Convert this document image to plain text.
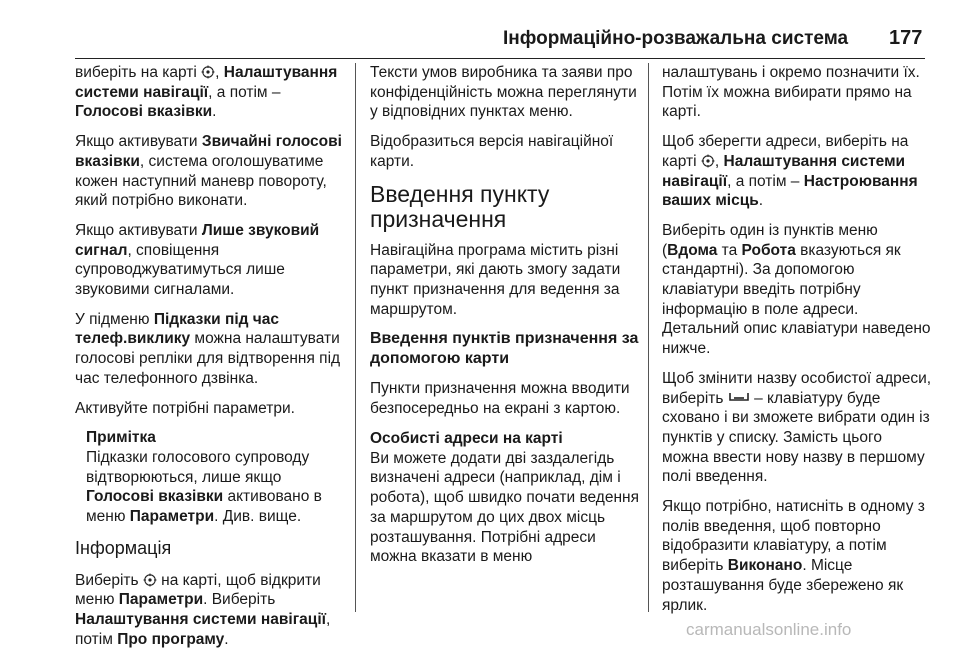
Інформаційно-розважальна система 177

виберіть на карті , Налаштування системи навігації, а потім – Голосові вказівки.

Якщо активувати Звичайні голосові вказівки, система оголошуватиме кожен наступний маневр повороту, який потрібно виконати.

Якщо активувати Лише звуковий сигнал, сповіщення супроводжуватимуться лише звуковими сигналами.

У підменю Підказки під час телеф.виклику можна налаштувати голосові репліки для відтворення під час телефонного дзвінка.

Активуйте потрібні параметри.

Примітка
Підказки голосового супроводу відтворюються, лише якщо Голосові вказівки активовано в меню Параметри. Див. вище.
Інформація

Виберіть
на карті, щоб відкрити меню Параметри. Виберіть Налаштування системи навігації, потім Про програму.

Тексти умов виробника та заяви про конфіденційність можна переглянути у відповідних пунктах меню.

Відобразиться версія навігаційної карти.

Введення пункту призначення

Навігаційна програма містить різні параметри, які дають змогу задати пункт призначення для ведення за маршрутом.

Введення пунктів призначення за допомогою карти

Пункти призначення можна вводити безпосередньо на екрані з картою.

Особисті адреси на карті

Ви можете додати дві заздалегідь визначені адреси (наприклад, дім і робота), щоб швидко почати ведення за маршрутом до цих двох місць розташування. Потрібні адреси можна вказати в меню

налаштувань і окремо позначити їх. Потім їх можна вибирати прямо на карті.

Щоб зберегти адреси, виберіть на карті
, Налаштування системи навігації, а потім – Настроювання ваших місць.

Виберіть один із пунктів меню (Вдома та Робота вказуються як стандартні). За допомогою клавіатури введіть потрібну інформацію в поле адреси. Детальний опис клавіатури наведено нижче.

Щоб змінити назву особистої адреси, виберіть
– клавіатуру буде сховано і ви зможете вибрати один із пунктів у списку. Замість цього можна ввести нову назву в першому полі введення.

Якщо потрібно, натисніть в одному з полів введення, щоб повторно відобразити клавіатуру, а потім виберіть Виконано. Місце розташування буде збережено як ярлик.

carmanualsonline.info
